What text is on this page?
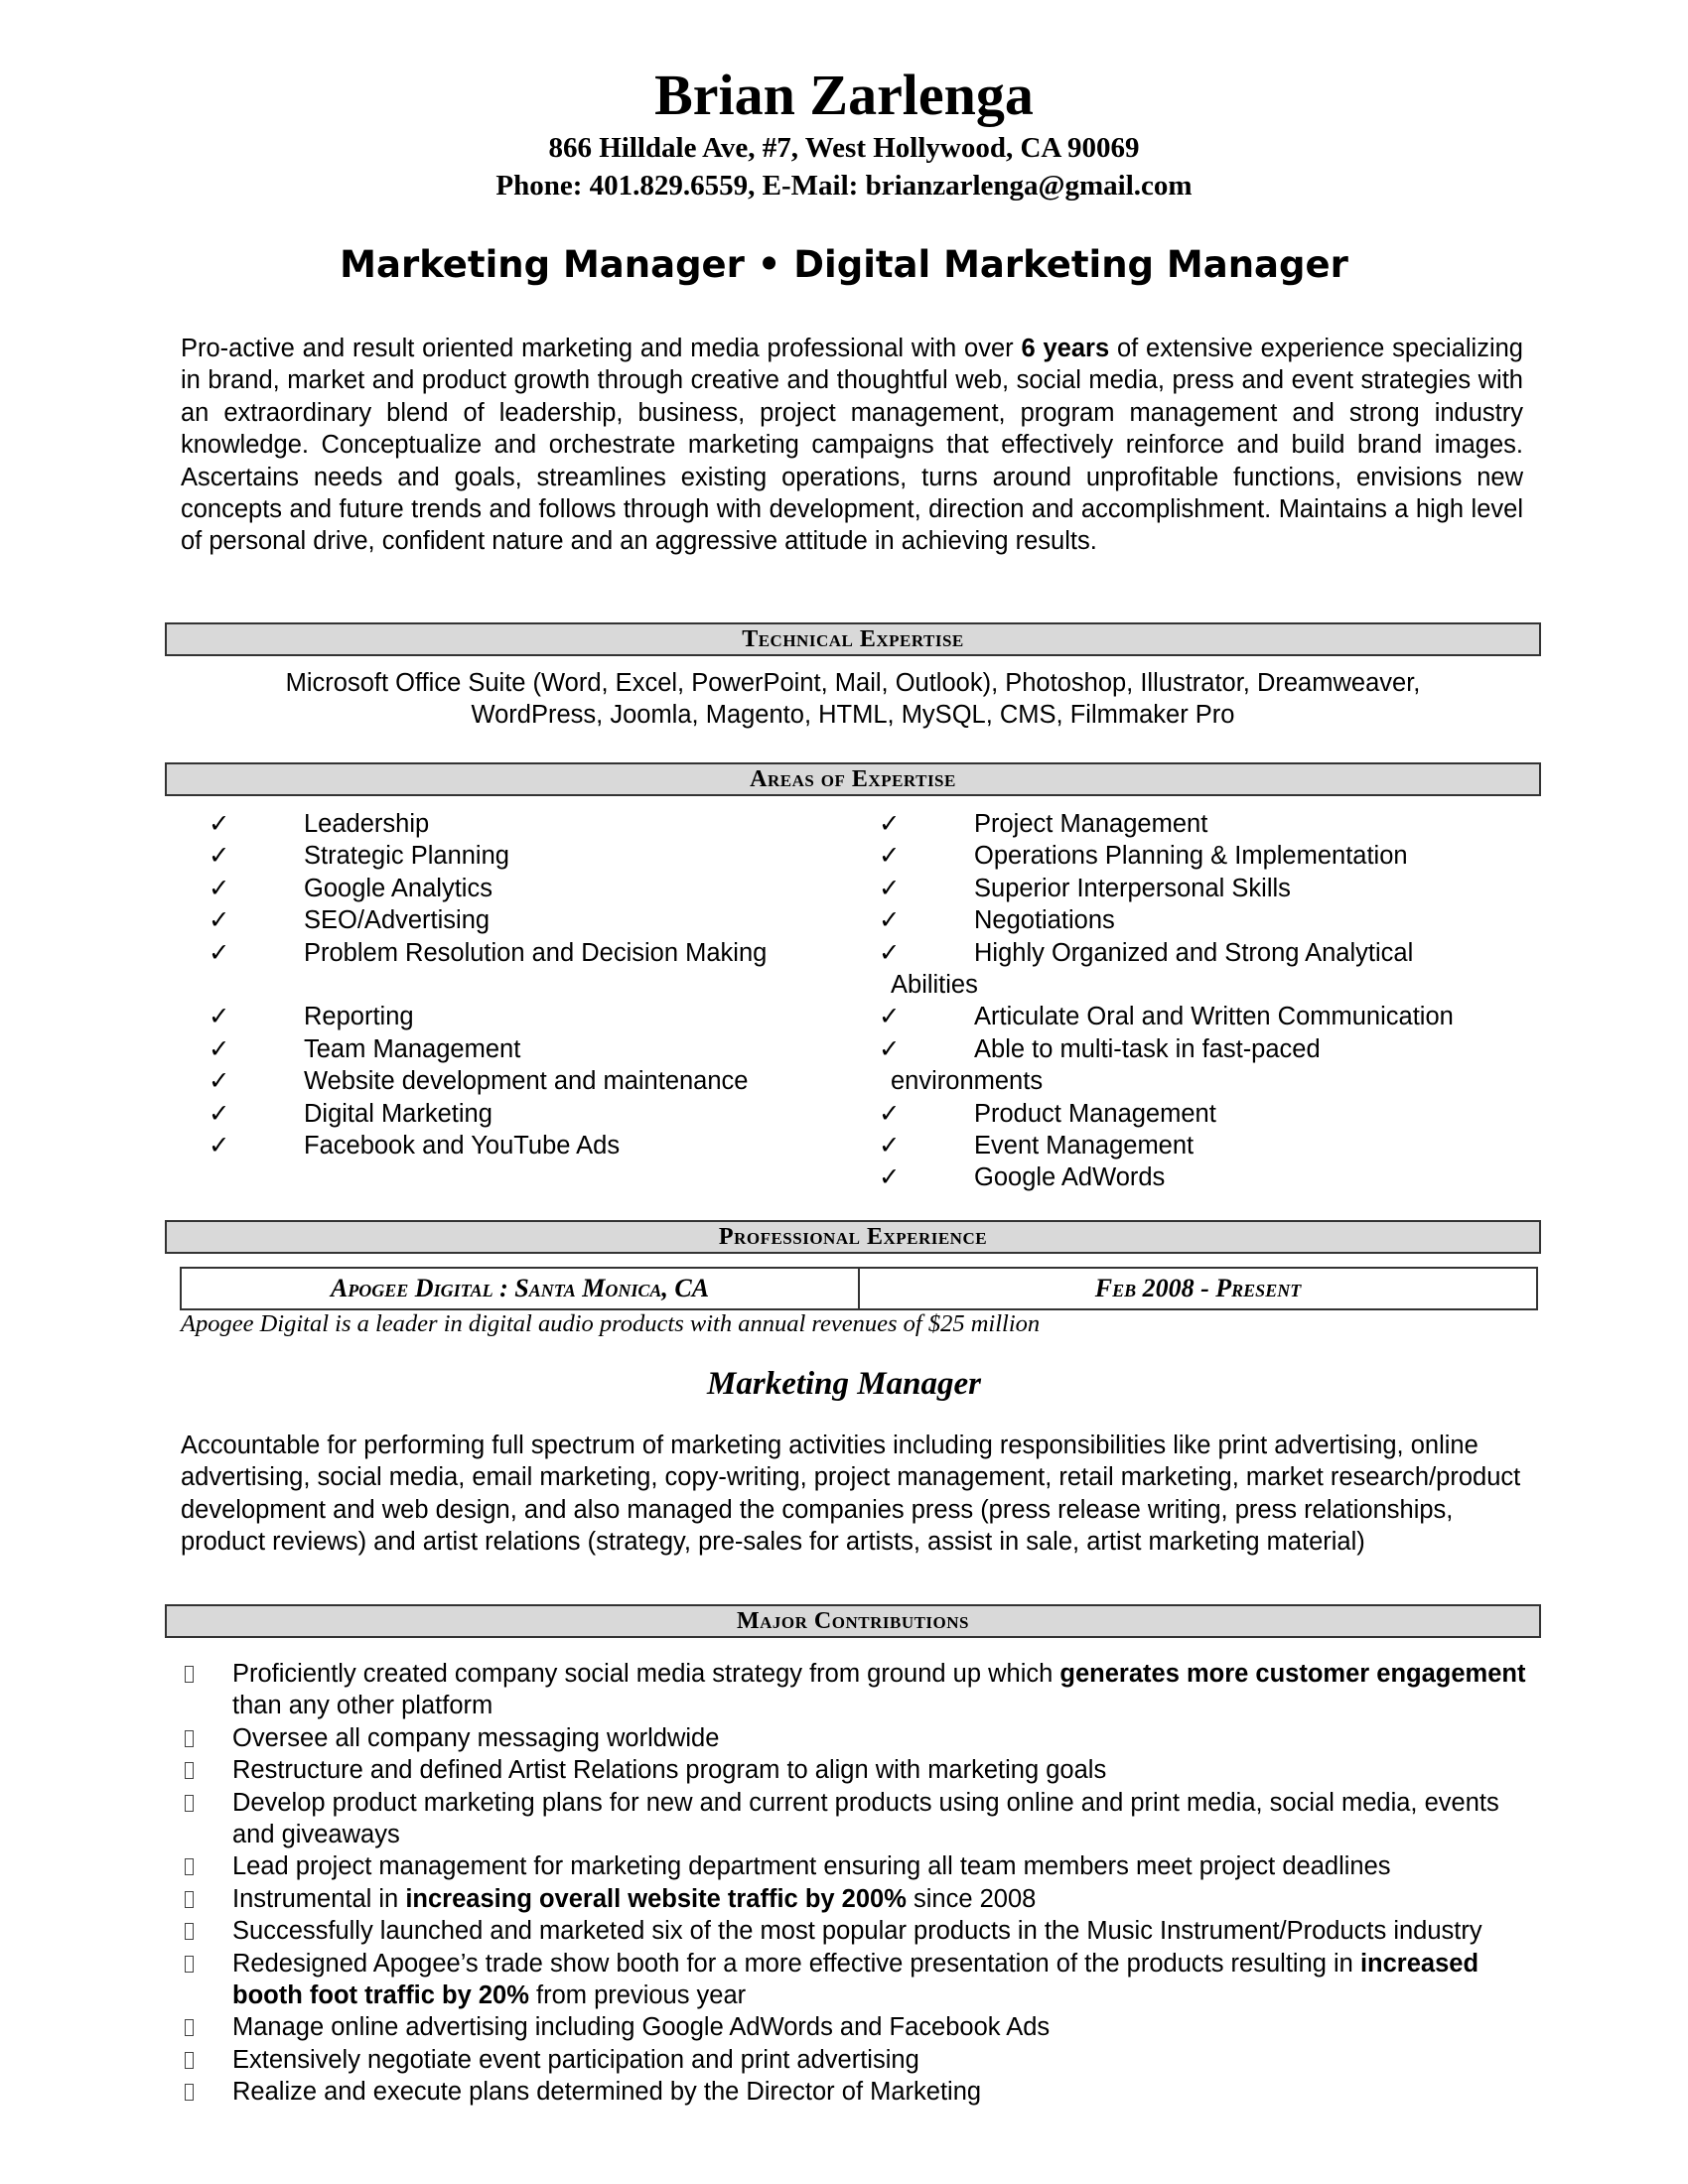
Brian Zarlenga
866 Hilldale Ave, #7, West Hollywood, CA 90069
Phone: 401.829.6559, E-Mail: brianzarlenga@gmail.com
Marketing Manager • Digital Marketing Manager
Pro-active and result oriented marketing and media professional with over 6 years of extensive experience specializing in brand, market and product growth through creative and thoughtful web, social media, press and event strategies with an extraordinary blend of leadership, business, project management, program management and strong industry knowledge. Conceptualize and orchestrate marketing campaigns that effectively reinforce and build brand images. Ascertains needs and goals, streamlines existing operations, turns around unprofitable functions, envisions new concepts and future trends and follows through with development, direction and accomplishment. Maintains a high level of personal drive, confident nature and an aggressive attitude in achieving results.
Technical Expertise
Microsoft Office Suite (Word, Excel, PowerPoint, Mail, Outlook), Photoshop, Illustrator, Dreamweaver,
WordPress, Joomla, Magento, HTML, MySQL, CMS, Filmmaker Pro
Areas of Expertise
✓	Leadership
✓	Strategic Planning
✓	Google Analytics
✓	SEO/Advertising
✓	Problem Resolution and Decision Making

✓	Reporting
✓	Team Management
✓	Website development and maintenance
✓	Digital Marketing
✓	Facebook and YouTube Ads
✓	Project Management
✓	Operations Planning & Implementation
✓	Superior Interpersonal Skills
✓	Negotiations
✓	Highly Organized and Strong Analytical
Abilities
✓	Articulate Oral and Written Communication
✓	Able to multi-task in fast-paced
environments
✓	Product Management
✓	Event Management
✓	Google AdWords
Professional Experience
Apogee Digital : Santa Monica, CA	Feb 2008 - Present
Apogee Digital is a leader in digital audio products with annual revenues of $25 million
Marketing Manager
Accountable for performing full spectrum of marketing activities including responsibilities like print advertising, online advertising, social media, email marketing, copy-writing, project management, retail marketing, market research/product development and web design, and also managed the companies press (press release writing, press relationships, product reviews) and artist relations (strategy, pre-sales for artists, assist in sale, artist marketing material)
Major Contributions
Proficiently created company social media strategy from ground up which generates more customer engagement than any other platform
Oversee all company messaging worldwide
Restructure and defined Artist Relations program to align with marketing goals
Develop product marketing plans for new and current products using online and print media, social media, events and giveaways
Lead project management for marketing department ensuring all team members meet project deadlines
Instrumental in increasing overall website traffic by 200% since 2008
Successfully launched and marketed six of the most popular products in the Music Instrument/Products industry
Redesigned Apogee’s trade show booth for a more effective presentation of the products resulting in increased booth foot traffic by 20% from previous year
Manage online advertising including Google AdWords and Facebook Ads
Extensively negotiate event participation and print advertising
Realize and execute plans determined by the Director of Marketing
